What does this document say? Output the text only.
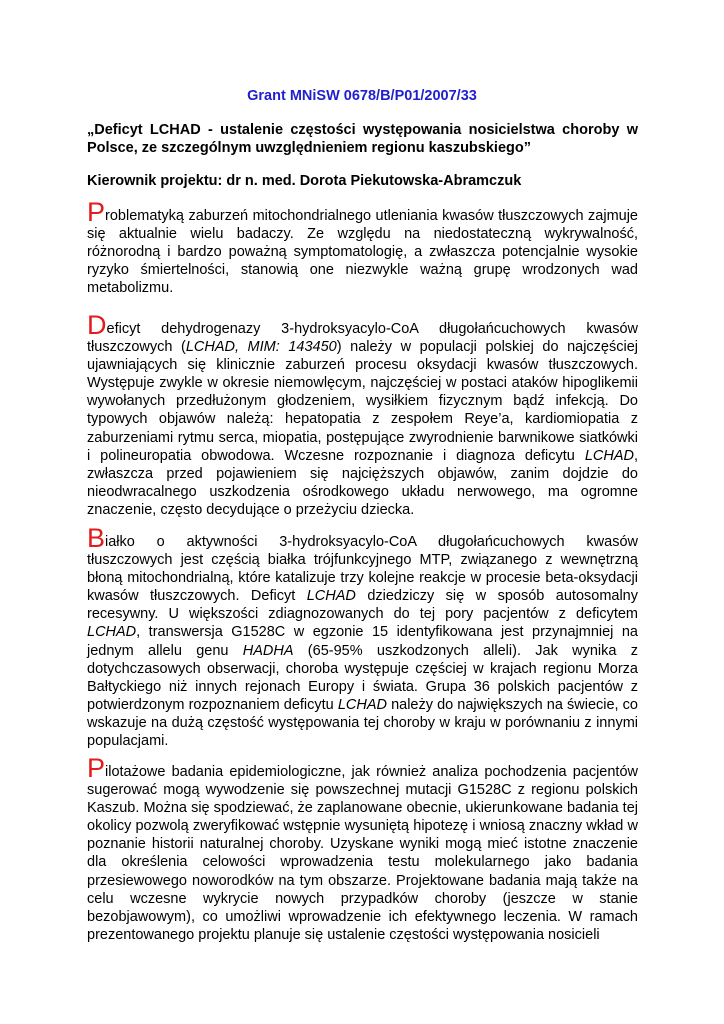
Grant MNiSW 0678/B/P01/2007/33
„Deficyt LCHAD - ustalenie częstości występowania nosicielstwa choroby w Polsce, ze szczególnym uwzględnieniem regionu kaszubskiego”
Kierownik projektu: dr n. med. Dorota Piekutowska-Abramczuk
Problematyką zaburzeń mitochondrialnego utleniania kwasów tłuszczowych zajmuje się aktualnie wielu badaczy. Ze względu na niedostateczną wykrywalność, różnorodną i bardzo poważną symptomatologię, a zwłaszcza potencjalnie wysokie ryzyko śmiertelności, stanowią one niezwykle ważną grupę wrodzonych wad metabolizmu.
Deficyt dehydrogenazy 3-hydroksyacylo-CoA długołańcuchowych kwasów tłuszczowych (LCHAD, MIM: 143450) należy w populacji polskiej do najczęściej ujawniających się klinicznie zaburzeń procesu oksydacji kwasów tłuszczowych. Występuje zwykle w okresie niemowlęcym, najczęściej w postaci ataków hipoglikemii wywołanych przedłużonym głodzeniem, wysiłkiem fizycznym bądź infekcją. Do typowych objawów należą: hepatopatia z zespołem Reye’a, kardiomiopatia z zaburzeniami rytmu serca, miopatia, postępujące zwyrodnienie barwnikowe siatkówki i polineuropatia obwodowa. Wczesne rozpoznanie i diagnoza deficytu LCHAD, zwłaszcza przed pojawieniem się najcięższych objawów, zanim dojdzie do nieodwracalnego uszkodzenia ośrodkowego układu nerwowego, ma ogromne znaczenie, często decydujące o przeżyciu dziecka.
Białko o aktywności 3-hydroksyacylo-CoA długołańcuchowych kwasów tłuszczowych jest częścią białka trójfunkcyjnego MTP, związanego z wewnętrzną błoną mitochondrialną, które katalizuje trzy kolejne reakcje w procesie beta-oksydacji kwasów tłuszczowych. Deficyt LCHAD dziedziczy się w sposób autosomalny recesywny. U większości zdiagnozowanych do tej pory pacjentów z deficytem LCHAD, transwersja G1528C w egzonie 15 identyfikowana jest przynajmniej na jednym allelu genu HADHA (65-95% uszkodzonych alleli). Jak wynika z dotychczasowych obserwacji, choroba występuje częściej w krajach regionu Morza Bałtyckiego niż innych rejonach Europy i świata. Grupa 36 polskich pacjentów z potwierdzonym rozpoznaniem deficytu LCHAD należy do największych na świecie, co wskazuje na dużą częstość występowania tej choroby w kraju w porównaniu z innymi populacjami.
Pilotażowe badania epidemiologiczne, jak również analiza pochodzenia pacjentów sugerować mogą wywodzenie się powszechnej mutacji G1528C z regionu polskich Kaszub. Można się spodziewać, że zaplanowane obecnie, ukierunkowane badania tej okolicy pozwolą zweryfikować wstępnie wysuniętą hipotezę i wniosą znaczny wkład w poznanie historii naturalnej choroby. Uzyskane wyniki mogą mieć istotne znaczenie dla określenia celowości wprowadzenia testu molekularnego jako badania przesiewowego noworodków na tym obszarze. Projektowane badania mają także na celu wczesne wykrycie nowych przypadków choroby (jeszcze w stanie bezobjawowym), co umożliwi wprowadzenie ich efektywnego leczenia. W ramach prezentowanego projektu planuje się ustalenie częstości występowania nosicieli
